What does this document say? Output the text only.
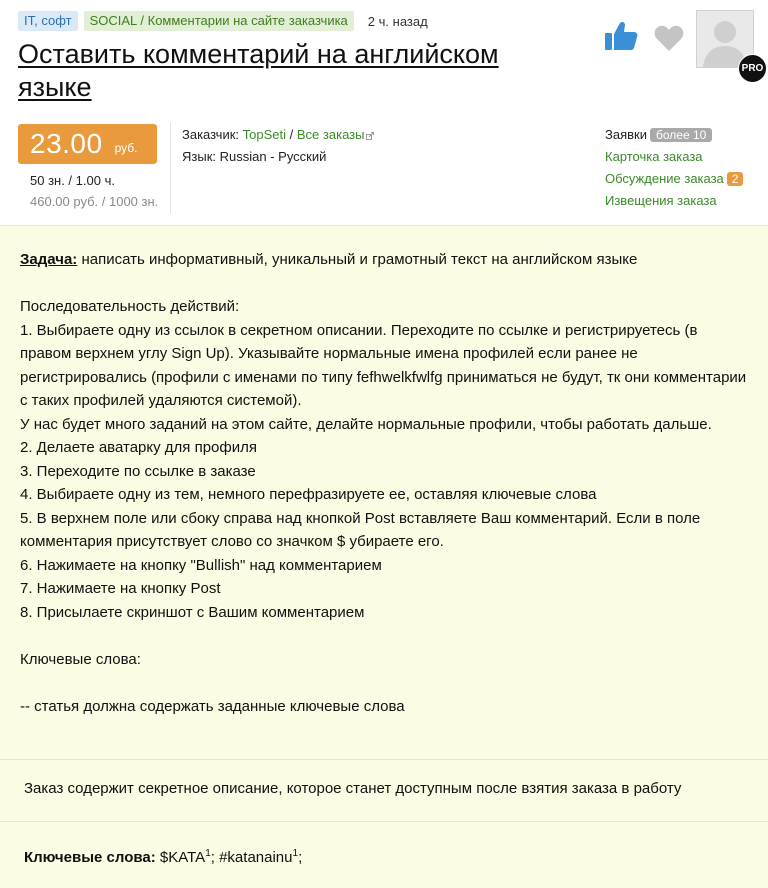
IT, софт	SOCIAL / Комментарии на сайте заказчика	2 ч. назад
Оставить комментарий на английском языке
PRO
23.00 руб.
50 зн. / 1.00 ч.
460.00 руб. / 1000 зн.
Заказчик: TopSeti / Все заказы
Язык: Russian - Русский
Заявки более 10
Карточка заказа
Обсуждение заказа 2
Извещения заказа

Задача: написать информативный, уникальный и грамотный текст на английском языке

Последовательность действий:

1. Выбираете одну из ссылок в секретном описании. Переходите по ссылке и регистрируетесь (в правом верхнем углу Sign Up). Указывайте нормальные имена профилей если ранее не регистрировались (профили с именами по типу fefhwelkfwlfg приниматься не будут, тк они комментарии с таких профилей удаляются системой).

У нас будет много заданий на этом сайте, делайте нормальные профили, чтобы работать дальше.

2. Делаете аватарку для профиля

3. Переходите по ссылке в заказе

4. Выбираете одну из тем, немного перефразируете ее, оставляя ключевые слова

5. В верхнем поле или сбоку справа над кнопкой Post вставляете Ваш комментарий. Если в поле комментария присутствует слово со значком $ убираете его.

6. Нажимаете на кнопку "Bullish" над комментарием

7. Нажимаете на кнопку Post

8. Присылаете скриншот с Вашим комментарием

Ключевые слова:

-- статья должна содержать заданные ключевые слова

Заказ содержит секретное описание, которое станет доступным после взятия заказа в работу
Ключевые слова: $KATA$^1$; #katanainu$^1$;
